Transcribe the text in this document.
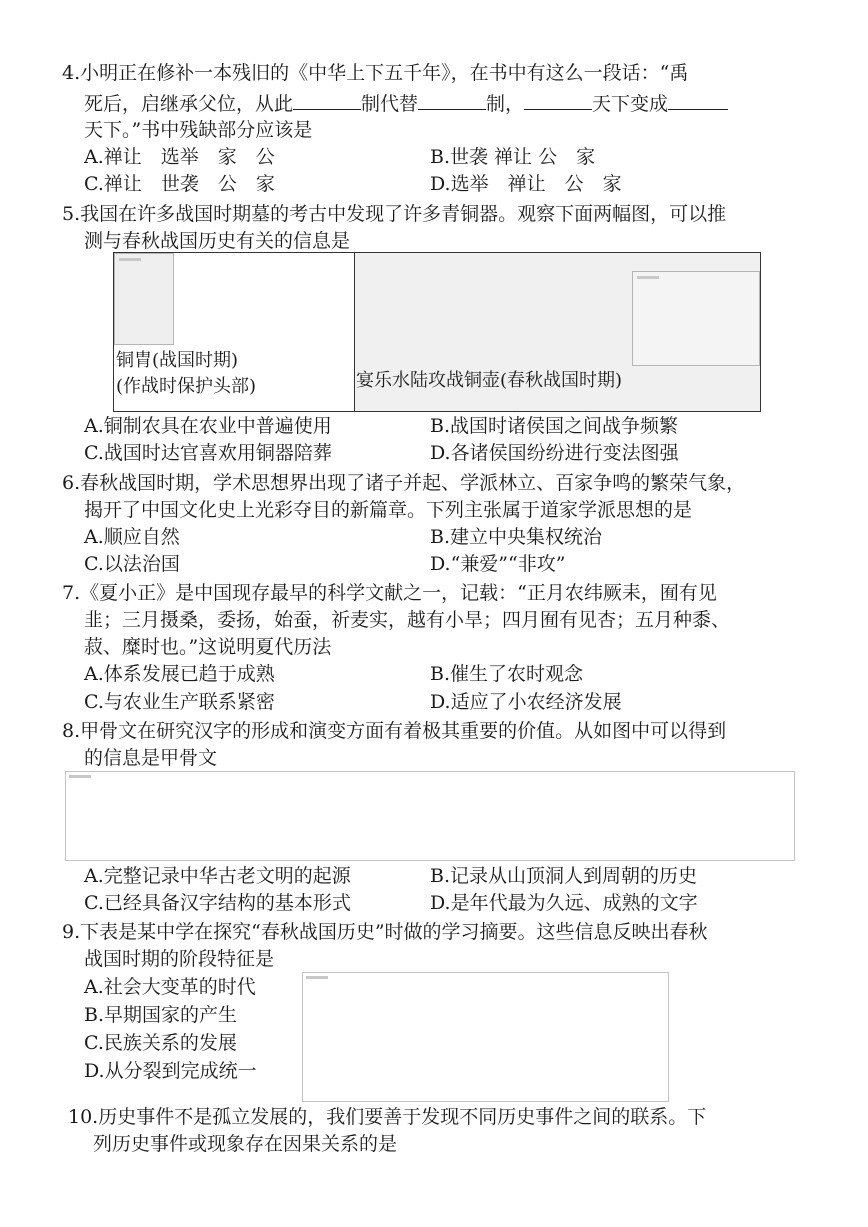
4.小明正在修补一本残旧的《中华上下五千年》，在书中有这么一段话：“禹
死后，启继承父位，从此	制代替	制，	天下变成
天下。”书中残缺部分应该是
A.禅让　选举　家　公	B.世袭 禅让 公　家
C.禅让　世袭　公　家	D.选举　禅让　公　家
5.我国在许多战国时期墓的考古中发现了许多青铜器。观察下面两幅图，可以推
测与春秋战国历史有关的信息是
铜胄(战国时期)
(作战时保护头部)	宴乐水陆攻战铜壶(春秋战国时期)
A.铜制农具在农业中普遍使用	B.战国时诸侯国之间战争频繁
C.战国时达官喜欢用铜器陪葬	D.各诸侯国纷纷进行变法图强
6.春秋战国时期，学术思想界出现了诸子并起、学派林立、百家争鸣的繁荣气象，
揭开了中国文化史上光彩夺目的新篇章。下列主张属于道家学派思想的是
A.顺应自然	B.建立中央集权统治
C.以法治国	D.“兼爱”“非攻”
7.《夏小正》是中国现存最早的科学文献之一，记载：“正月农纬厥耒，囿有见
韭；三月摄桑，委扬，始蚕，祈麦实，越有小旱；四月囿有见杏；五月种黍、
菽、糜时也。”这说明夏代历法
A.体系发展已趋于成熟	B.催生了农时观念
C.与农业生产联系紧密	D.适应了小农经济发展
8.甲骨文在研究汉字的形成和演变方面有着极其重要的价值。从如图中可以得到
的信息是甲骨文
A.完整记录中华古老文明的起源	B.记录从山顶洞人到周朝的历史
C.已经具备汉字结构的基本形式	D.是年代最为久远、成熟的文字
9.下表是某中学在探究“春秋战国历史”时做的学习摘要。这些信息反映出春秋
战国时期的阶段特征是
A.社会大变革的时代
B.早期国家的产生
C.民族关系的发展
D.从分裂到完成统一
10.历史事件不是孤立发展的，我们要善于发现不同历史事件之间的联系。下
列历史事件或现象存在因果关系的是
